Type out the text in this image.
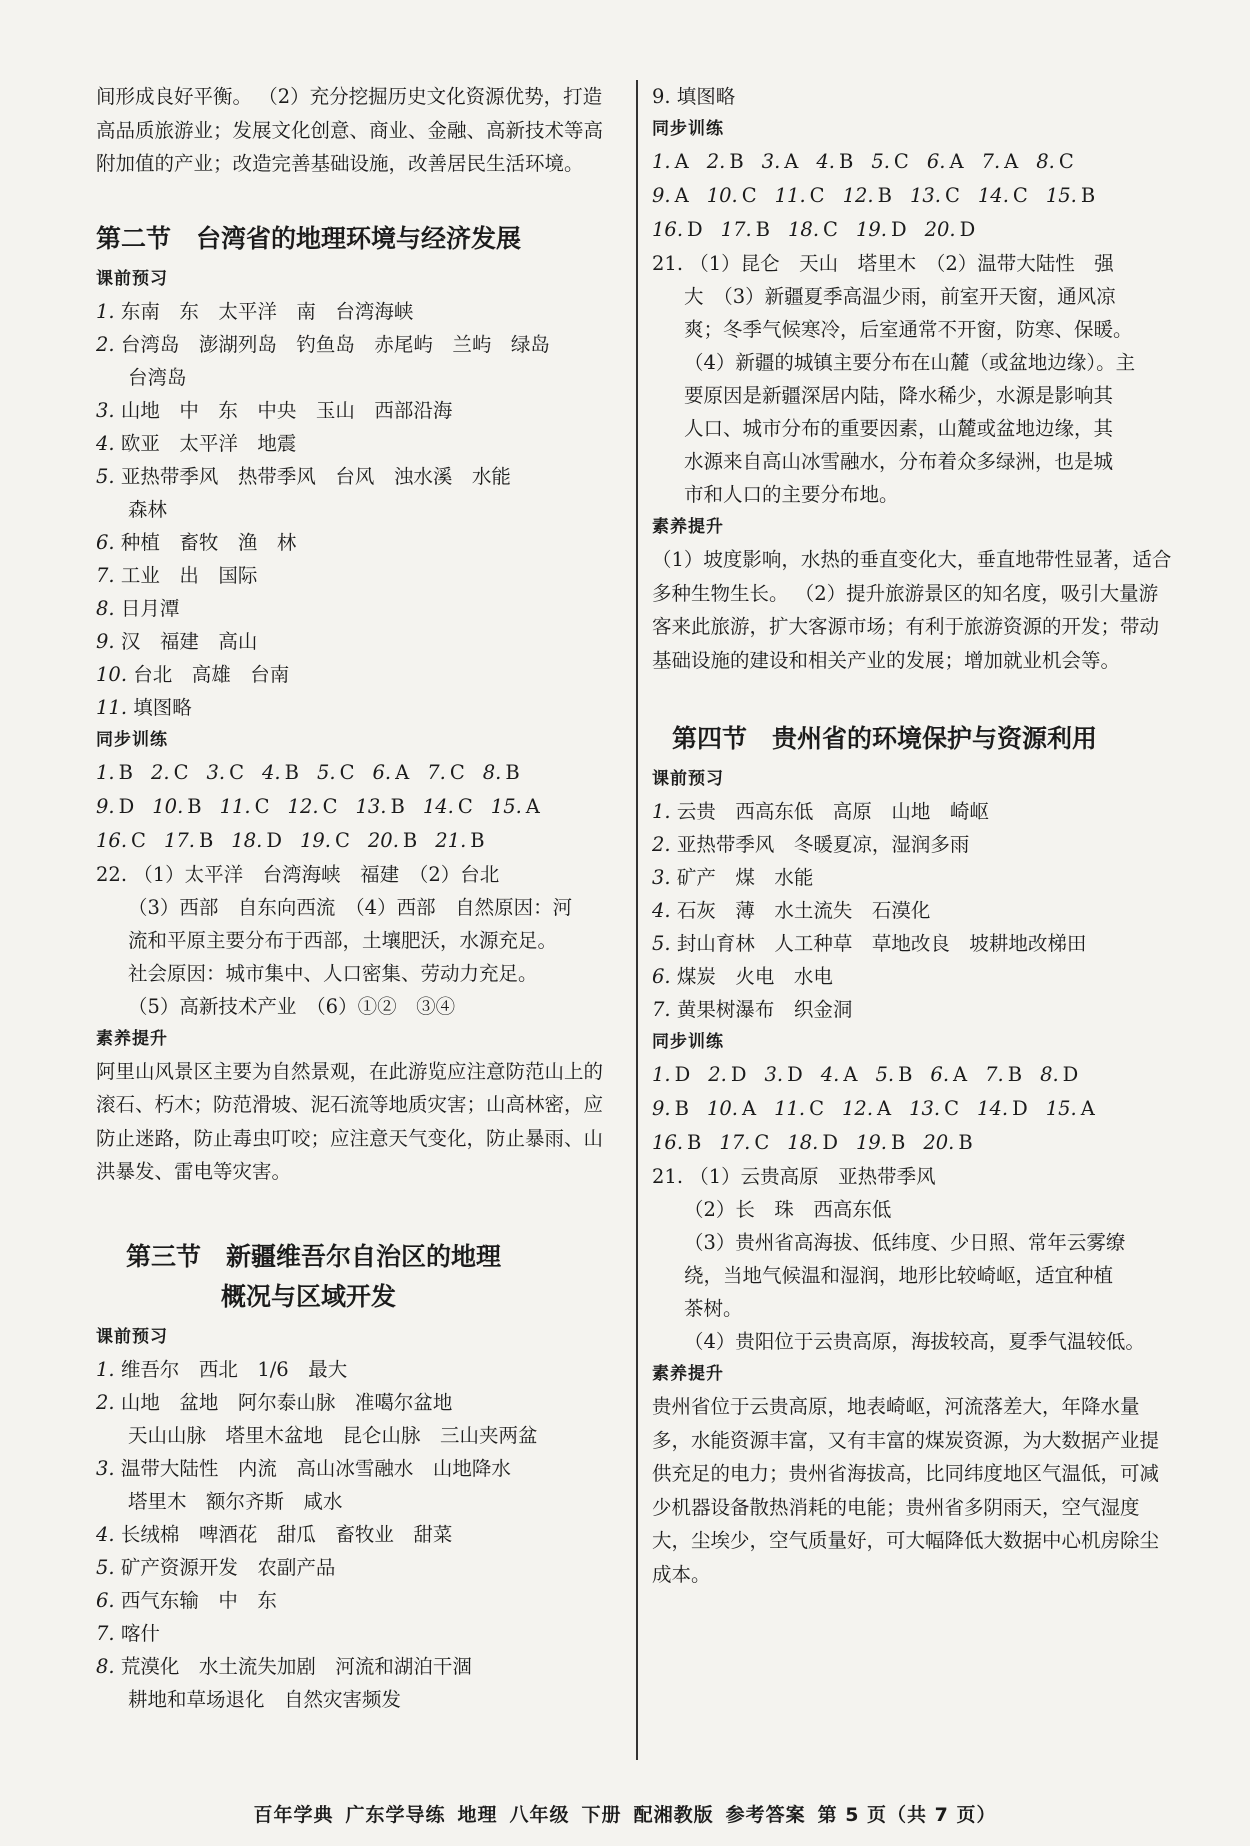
间形成良好平衡。 （2）充分挖掘历史文化资源优势，打造高品质旅游业；发展文化创意、商业、金融、高新技术等高附加值的产业；改造完善基础设施，改善居民生活环境。
第二节　台湾省的地理环境与经济发展
课前预习
1. 东南　东　太平洋　南　台湾海峡
2. 台湾岛　澎湖列岛　钓鱼岛　赤尾屿　兰屿　绿岛
台湾岛
3. 山地　中　东　中央　玉山　西部沿海
4. 欧亚　太平洋　地震
5. 亚热带季风　热带季风　台风　浊水溪　水能
森林
6. 种植　畜牧　渔　林
7. 工业　出　国际
8. 日月潭
9. 汉　福建　高山
10. 台北　高雄　台南
11. 填图略
同步训练
1. B 2. C 3. C 4. B 5. C 6. A 7. C 8. B
9. D 10. B 11. C 12. C 13. B 14. C 15. A
16. C 17. B 18. D 19. C 20. B 21. B
22. （1）太平洋　台湾海峡　福建　（2）台北
（3）西部　自东向西流　（4）西部　自然原因：河
流和平原主要分布于西部，土壤肥沃，水源充足。
社会原因：城市集中、人口密集、劳动力充足。
（5）高新技术产业　（6）①②　③④
素养提升
阿里山风景区主要为自然景观，在此游览应注意防范山上的滚石、朽木；防范滑坡、泥石流等地质灾害；山高林密，应防止迷路，防止毒虫叮咬；应注意天气变化，防止暴雨、山洪暴发、雷电等灾害。
第三节　新疆维吾尔自治区的地理
概况与区域开发
课前预习
1. 维吾尔　西北　1/6　最大
2. 山地　盆地　阿尔泰山脉　准噶尔盆地
天山山脉　塔里木盆地　昆仑山脉　三山夹两盆
3. 温带大陆性　内流　高山冰雪融水　山地降水
塔里木　额尔齐斯　咸水
4. 长绒棉　啤酒花　甜瓜　畜牧业　甜菜
5. 矿产资源开发　农副产品
6. 西气东输　中　东
7. 喀什
8. 荒漠化　水土流失加剧　河流和湖泊干涸
耕地和草场退化　自然灾害频发
9. 填图略
同步训练
1. A 2. B 3. A 4. B 5. C 6. A 7. A 8. C
9. A 10. C 11. C 12. B 13. C 14. C 15. B
16. D 17. B 18. C 19. D 20. D
21. （1）昆仑　天山　塔里木　（2）温带大陆性　强
大　（3）新疆夏季高温少雨，前室开天窗，通风凉
爽；冬季气候寒冷，后室通常不开窗，防寒、保暖。
（4）新疆的城镇主要分布在山麓（或盆地边缘）。主
要原因是新疆深居内陆，降水稀少，水源是影响其
人口、城市分布的重要因素，山麓或盆地边缘，其
水源来自高山冰雪融水，分布着众多绿洲，也是城
市和人口的主要分布地。
素养提升
（1）坡度影响，水热的垂直变化大，垂直地带性显著，适合多种生物生长。 （2）提升旅游景区的知名度，吸引大量游客来此旅游，扩大客源市场；有利于旅游资源的开发；带动基础设施的建设和相关产业的发展；增加就业机会等。
第四节　贵州省的环境保护与资源利用
课前预习
1. 云贵　西高东低　高原　山地　崎岖
2. 亚热带季风　冬暖夏凉，湿润多雨
3. 矿产　煤　水能
4. 石灰　薄　水土流失　石漠化
5. 封山育林　人工种草　草地改良　坡耕地改梯田
6. 煤炭　火电　水电
7. 黄果树瀑布　织金洞
同步训练
1. D 2. D 3. D 4. A 5. B 6. A 7. B 8. D
9. B 10. A 11. C 12. A 13. C 14. D 15. A
16. B 17. C 18. D 19. B 20. B
21. （1）云贵高原　亚热带季风
（2）长　珠　西高东低
（3）贵州省高海拔、低纬度、少日照、常年云雾缭
绕，当地气候温和湿润，地形比较崎岖，适宜种植
茶树。
（4）贵阳位于云贵高原，海拔较高，夏季气温较低。
素养提升
贵州省位于云贵高原，地表崎岖，河流落差大，年降水量多，水能资源丰富，又有丰富的煤炭资源，为大数据产业提供充足的电力；贵州省海拔高，比同纬度地区气温低，可减少机器设备散热消耗的电能；贵州省多阴雨天，空气湿度大，尘埃少，空气质量好，可大幅降低大数据中心机房除尘成本。
百年学典 广东学导练 地理 八年级 下册 配湘教版 参考答案 第 5 页（共 7 页）
